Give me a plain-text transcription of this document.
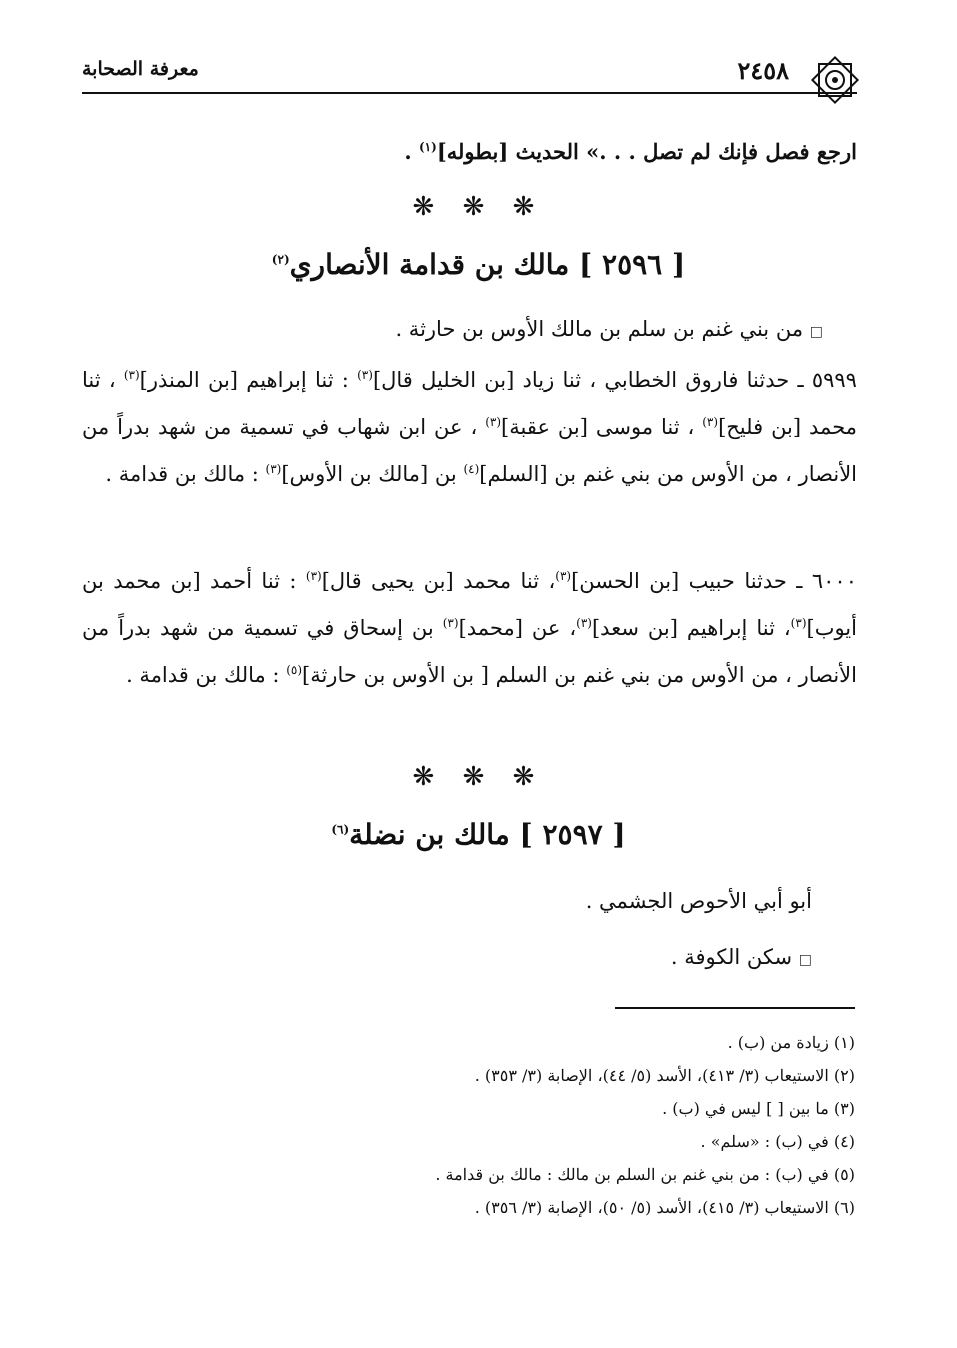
معرفة الصحابة	٢٤٥٨
ارجع فصل فإنك لم تصل . . .» الحديث [بطوله]$^{(١)}$ .
❋ ❋ ❋
[ ٢٥٩٦ ] مالك بن قدامة الأنصاري$^{(٢)}$
□ من بني غنم بن سلم بن مالك الأوس بن حارثة .
٥٩٩٩ ـ حدثنا فاروق الخطابي ، ثنا زياد [بن الخليل قال]$^{(٣)}$ : ثنا إبراهيم [بن المنذر]$^{(٣)}$ ، ثنا محمد [بن فليح]$^{(٣)}$ ، ثنا موسى [بن عقبة]$^{(٣)}$ ، عن ابن شهاب في تسمية من شهد بدراً من الأنصار ، من الأوس من بني غنم بن [السلم]$^{(٤)}$ بن [مالك بن الأوس]$^{(٣)}$ : مالك بن قدامة .
٦٠٠٠ ـ حدثنا حبيب [بن الحسن]$^{(٣)}$، ثنا محمد [بن يحيى قال]$^{(٣)}$ : ثنا أحمد [بن محمد بن أيوب]$^{(٣)}$، ثنا إبراهيم [بن سعد]$^{(٣)}$، عن [محمد]$^{(٣)}$ بن إسحاق في تسمية من شهد بدراً من الأنصار ، من الأوس من بني غنم بن السلم [ بن الأوس بن حارثة]$^{(٥)}$ : مالك بن قدامة .
❋ ❋ ❋
[ ٢٥٩٧ ] مالك بن نضلة$^{(٦)}$
أبو أبي الأحوص الجشمي .
□ سكن الكوفة .
(١) زيادة من (ب) .
(٢) الاستيعاب (٣/ ٤١٣)، الأسد (٥/ ٤٤)، الإصابة (٣/ ٣٥٣) .
(٣) ما بين [ ] ليس في (ب) .
(٤) في (ب) : «سلم» .
(٥) في (ب) : من بني غنم بن السلم بن مالك : مالك بن قدامة .
(٦) الاستيعاب (٣/ ٤١٥)، الأسد (٥/ ٥٠)، الإصابة (٣/ ٣٥٦) .
